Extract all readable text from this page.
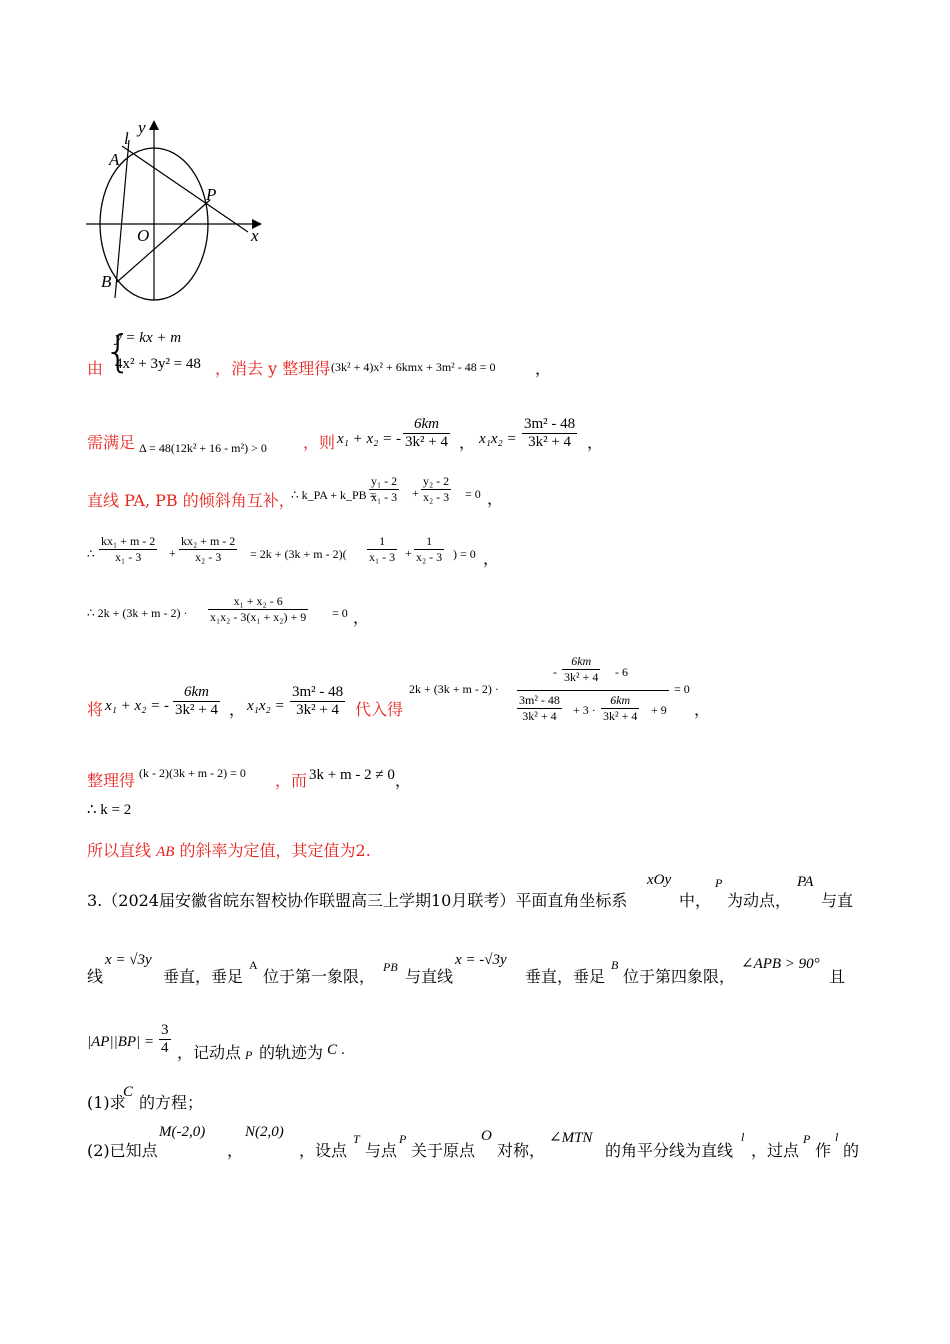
y
l
A
P
O	x
B
由 {
y = kx + m
4x² + 3y² = 48 ，消去 y 整理得 (3k² + 4)x² + 6kmx + 3m² - 48 = 0 ，
需满足 Δ = 48(12k² + 16 - m²) > 0 ，则 x₁ + x₂ = - $\frac{6km}{\text{3k² + 4}}$ ， $x_1x_2 = \frac{\text{3m² - 48}}{\text{3k² + 4}}$ ，
直线 PA, PB 的倾斜角互补，
∴ k_PA + k_PB =
$\frac{\text{y₁ - 2}}{\text{x₁ - 3}} + \frac{\text{y₂ - 2}}{\text{x₂ - 3}} = 0$ ，
∴ $\frac{\text{kx₁ + m - 2}}{\text{x₁ - 3}} + \frac{\text{kx₂ + m - 2}}{\text{x₂ - 3}} = 2k + (3k + m - 2)( \frac{1}{\text{x₁ - 3}} + \frac{1}{\text{x₂ - 3}}$ ) = 0 ，
∴ $2k + (3k + m - 2) \cdot \frac{\text{x₁ + x₂ - 6}}{\text{x₁x₂ - 3(x₁ + x₂) + 9}} = 0$ ，
将 x₁ + x₂ = - $\frac{6km}{\text{3k² + 4}}$ ， $x_1x_2 = \frac{\text{3m² - 48}}{\text{3k² + 4}}$ 代入得
2k + (3k + m - 2) ·
- $\frac{6km}{\text{3k² + 4}} - 6$
$\frac{\text{3m² - 48}}{\text{3k² + 4}} + 3 \cdot \frac{6km}{\text{3k² + 4}} + 9$
= 0
，
整理得 (k - 2)(3k + m - 2) = 0 ，而 3k + m - 2 ≠ 0 ，
∴ k = 2
所以直线 AB 的斜率为定值，其定值为2.
3.（2024届安徽省皖东智校协作联盟高三上学期10月联考）平面直角坐标系
xOy
中，
P
为动点，
PA
与直
线
x = √3y
垂直，垂足
A
位于第一象限， PB 与直线
x = -√3y
垂直，垂足
B
位于第四象限，
∠APB > 90°
且
$|AP||BP| = \frac{3}{4}$ ，记动点 P 的轨迹为 C .
(1)求
C
的方程；
(2)已知点
M(-2,0)
，
N(2,0)
，设点
T
与点
P
关于原点
O
对称，
∠MTN
的角平分线为直线
l
，过点
P
作
l
的
